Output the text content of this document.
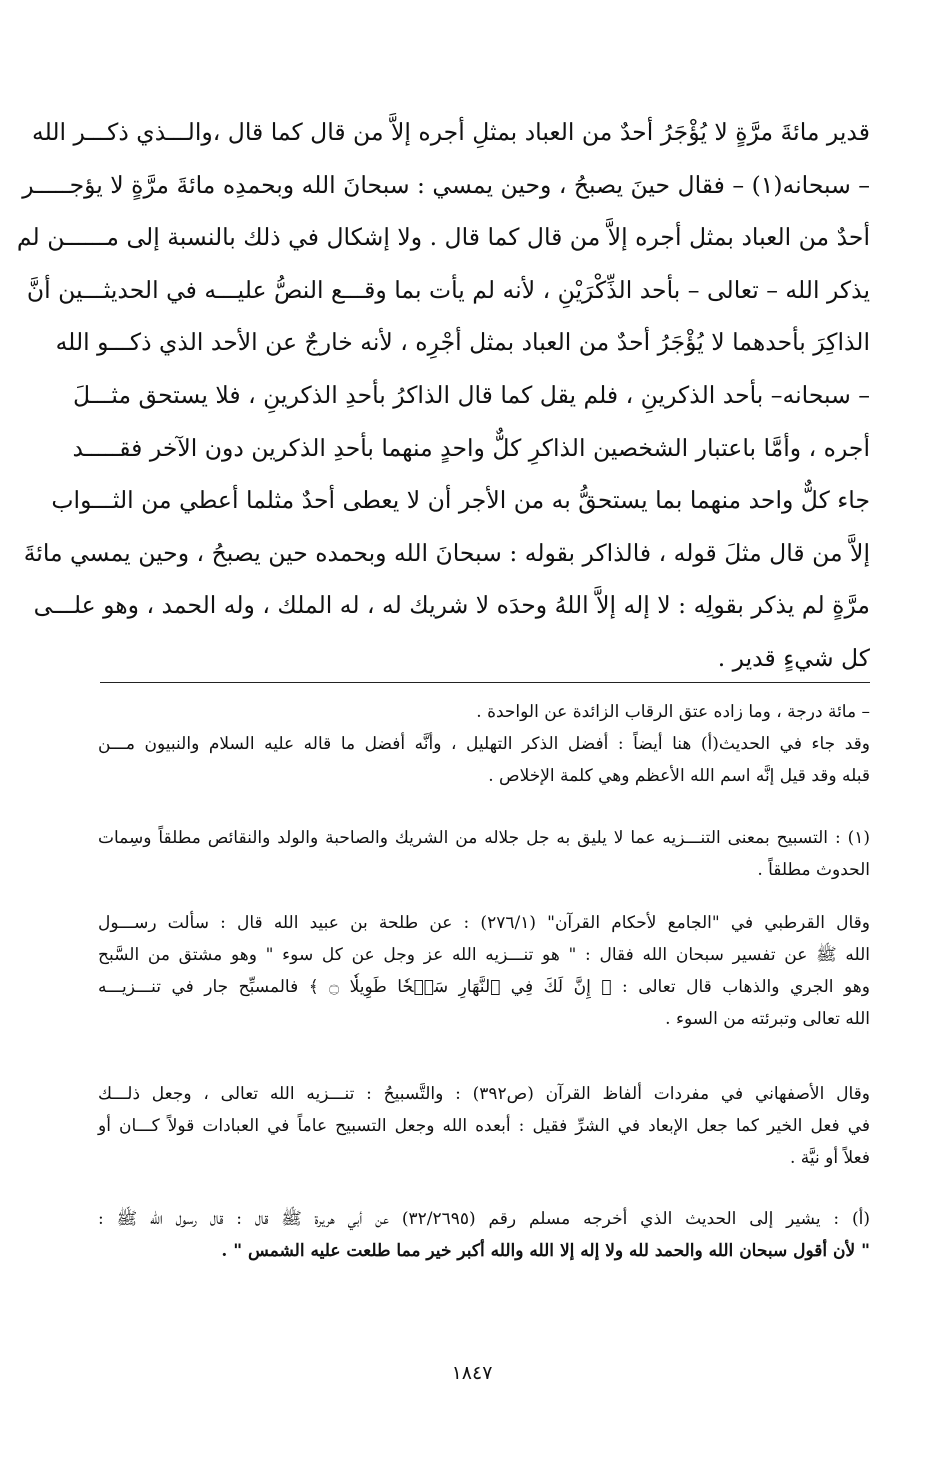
قدير مائةَ مرَّةٍ لا يُؤْجَرُ أحدٌ من العباد بمثلِ أجره إلاَّ من قال كما قال ،والـــذي ذكـــر الله
– سبحانه(١) – فقال حينَ يصبحُ ، وحين يمسي : سبحانَ الله وبحمدِه مائةَ مرَّةٍ لا يؤجـــــر
أحدٌ من العباد بمثل أجره إلاَّ من قال كما قال . ولا إشكال في ذلك بالنسبة إلى مــــــن لم
يذكر الله – تعالى – بأحد الذِّكْرَيْنِ ، لأنه لم يأت بما وقـــع النصُّ عليـــه في الحديثـــين أنَّ
الذاكِرَ بأحدهما لا يُؤْجَرُ أحدٌ من العباد بمثل أجْرِه ، لأنه خارجٌ عن الأحد الذي ذكـــو الله
– سبحانه– بأحد الذكرينِ ، فلم يقل كما قال الذاكرُ بأحدِ الذكرينِ ، فلا يستحق مثـــلَ
أجره ، وأمَّا باعتبار الشخصين الذاكرِ كلٌّ واحدٍ منهما بأحدِ الذكرين دون الآخر فقـــــد
جاء كلٌّ واحد منهما بما يستحقُّ به من الأجر أن لا يعطى أحدٌ مثلما أعطي من الثـــواب
إلاَّ من قال مثلَ قوله ، فالذاكر بقوله : سبحانَ الله وبحمده حين يصبحُ ، وحين يمسي مائةَ
مرَّةٍ لم يذكر بقولِه : لا إله إلاَّ اللهُ وحدَه لا شريك له ، له الملك ، وله الحمد ، وهو علـــى
كل شيءٍ قدير .
– مائة درجة ، وما زاده عتق الرقاب الزائدة عن الواحدة .
وقد جاء في الحديث(أ) هنا أيضاً : أفضل الذكر التهليل ، وأنَّه أفضل ما قاله عليه السلام والنبيون مـــن
قبله وقد قيل إنَّه اسم الله الأعظم وهي كلمة الإخلاص .
(١) : التسبيح بمعنى التنـــزيه عما لا يليق به جل جلاله من الشريك والصاحبة والولد والنقائص مطلقاً وسِمات
الحدوث مطلقاً .
وقال القرطبي في "الجامع لأحكام القرآن" (٢٧٦/١) : عن طلحة بن عبيد الله قال : سألت رســـول
الله ﷺ عن تفسير سبحان الله فقال : " هو تنـــزيه الله عز وجل عن كل سوء " وهو مشتق من السَّبح
وهو الجري والذهاب قال تعالى : ﴿ إِنَّ لَكَ فِي ٱلنَّهَارِ سَبۡحٗا طَوِيلٗا ۝ ﴾ فالمسبِّح جار في تنـــزيـــه
الله تعالى وتبرئته من السوء .
وقال الأصفهاني في مفردات ألفاظ القرآن (ص٣٩٢) : والتَّسبيحُ : تنـــزيه الله تعالى ، وجعل ذلـــك
في فعل الخير كما جعل الإبعاد في الشرِّ فقيل : أبعده الله وجعل التسبيح عاماً في العبادات قولاً كـــان أو
فعلاً أو نيَّة .
(أ) : يشير إلى الحديث الذي أخرجه مسلم رقم (٣٢/٢٦٩٥) عن أبي هريرة ﷺ قال : قال رسول الله ﷺ :
" لأن أقول سبحان الله والحمد لله ولا إله إلا الله والله أكبر خير مما طلعت عليه الشمس " .
١٨٤٧
